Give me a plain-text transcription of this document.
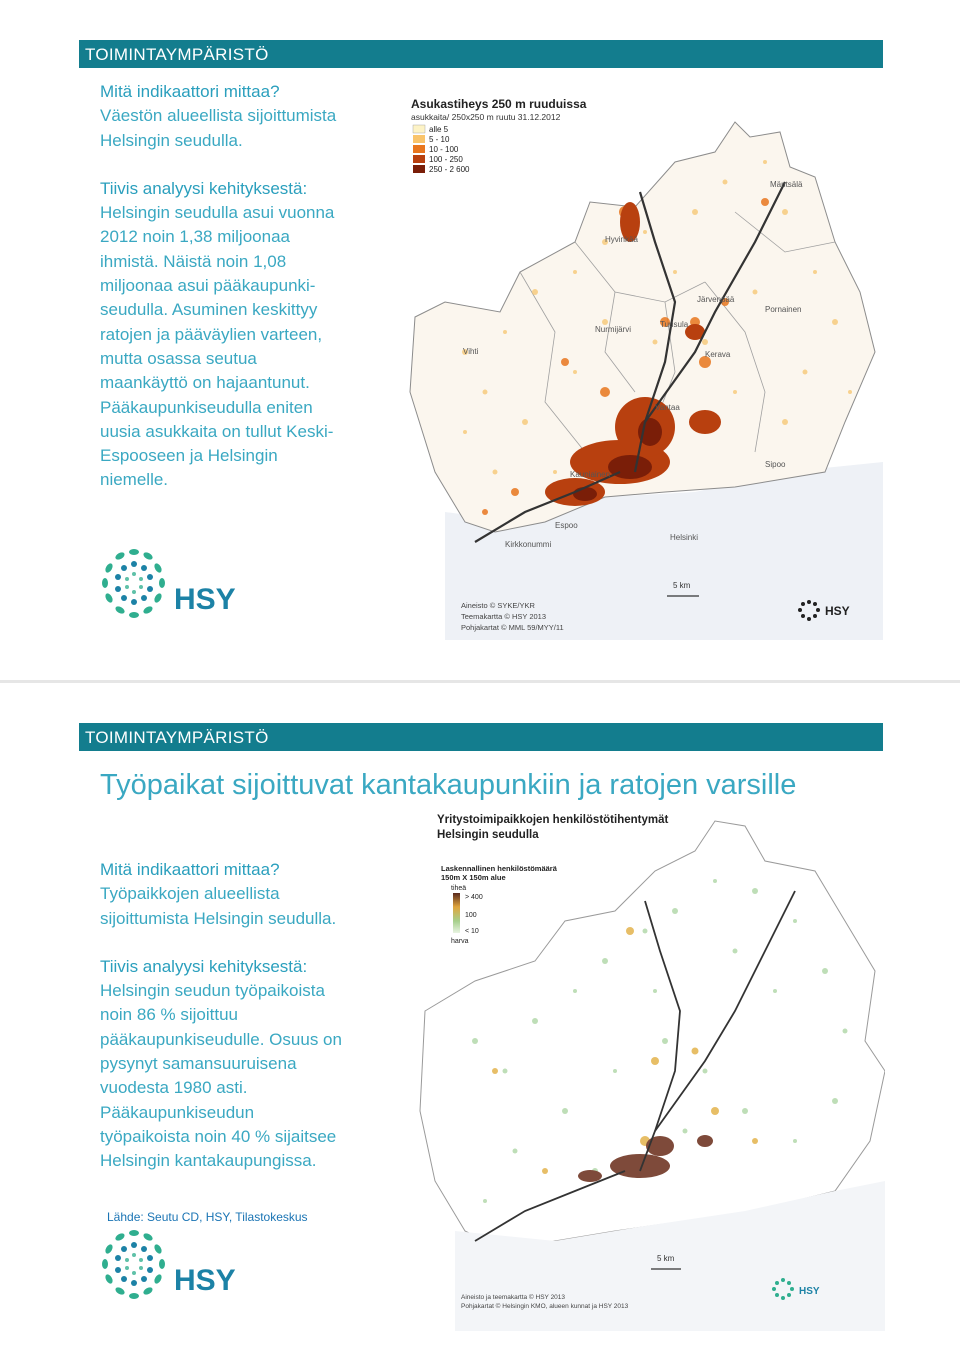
TOIMINTAYMPÄRISTÖ

Mitä indikaattori mittaa?

Väestön alueellista sijoittumista

Helsingin seudulla.

Tiivis analyysi kehityksestä:

Helsingin seudulla asui vuonna

2012 noin 1,38 miljoonaa

ihmistä. Näistä noin 1,08

miljoonaa asui pääkaupunki-

seudulla. Asuminen keskittyy

ratojen ja pääväylien varteen,

mutta osassa seutua

maankäyttö on hajaantunut.

Pääkaupunkiseudulla eniten

uusia asukkaita on tullut Keski-

Espooseen ja Helsingin

niemelle.

Mäntsälä
Hyvinkää
Nurmijärvi
Tuusula
Järvenpää
Kerava
Pornainen
Vihti
Vantaa
Sipoo
Espoo
Kauniainen
Helsinki
Kirkkonummi
Asukastiheys 250 m ruuduissa
asukkaita/ 250x250 m ruutu 31.12.2012
alle 5
5 - 10
10 - 100
100 - 250
250 - 2 600
5 km
Aineisto © SYKE/YKR
Teemakartta © HSY 2013
Pohjakartat © MML 59/MYY/11
HSY
HSY
TOIMINTAYMPÄRISTÖ
Työpaikat sijoittuvat kantakaupunkiin ja ratojen varsille

Mitä indikaattori mittaa?

Työpaikkojen alueellista

sijoittumista Helsingin seudulla.

Tiivis analyysi kehityksestä:

Helsingin seudun työpaikoista

noin 86 % sijoittuu

pääkaupunkiseudulle. Osuus on

pysynyt samansuuruisena

vuodesta 1980 asti.

Pääkaupunkiseudun

työpaikoista noin 40 % sijaitsee

Helsingin kantakaupungissa.

Lähde: Seutu CD, HSY, Tilastokeskus
Yritystoimipaikkojen henkilöstötihentymät
Helsingin seudulla
Laskennallinen henkilöstömäärä
150m X 150m alue
tiheä
> 400
100
< 10
harva
5 km
Aineisto ja teemakartta © HSY 2013
Pohjakartat © Helsingin KMO, alueen kunnat ja HSY 2013
HSY
HSY
